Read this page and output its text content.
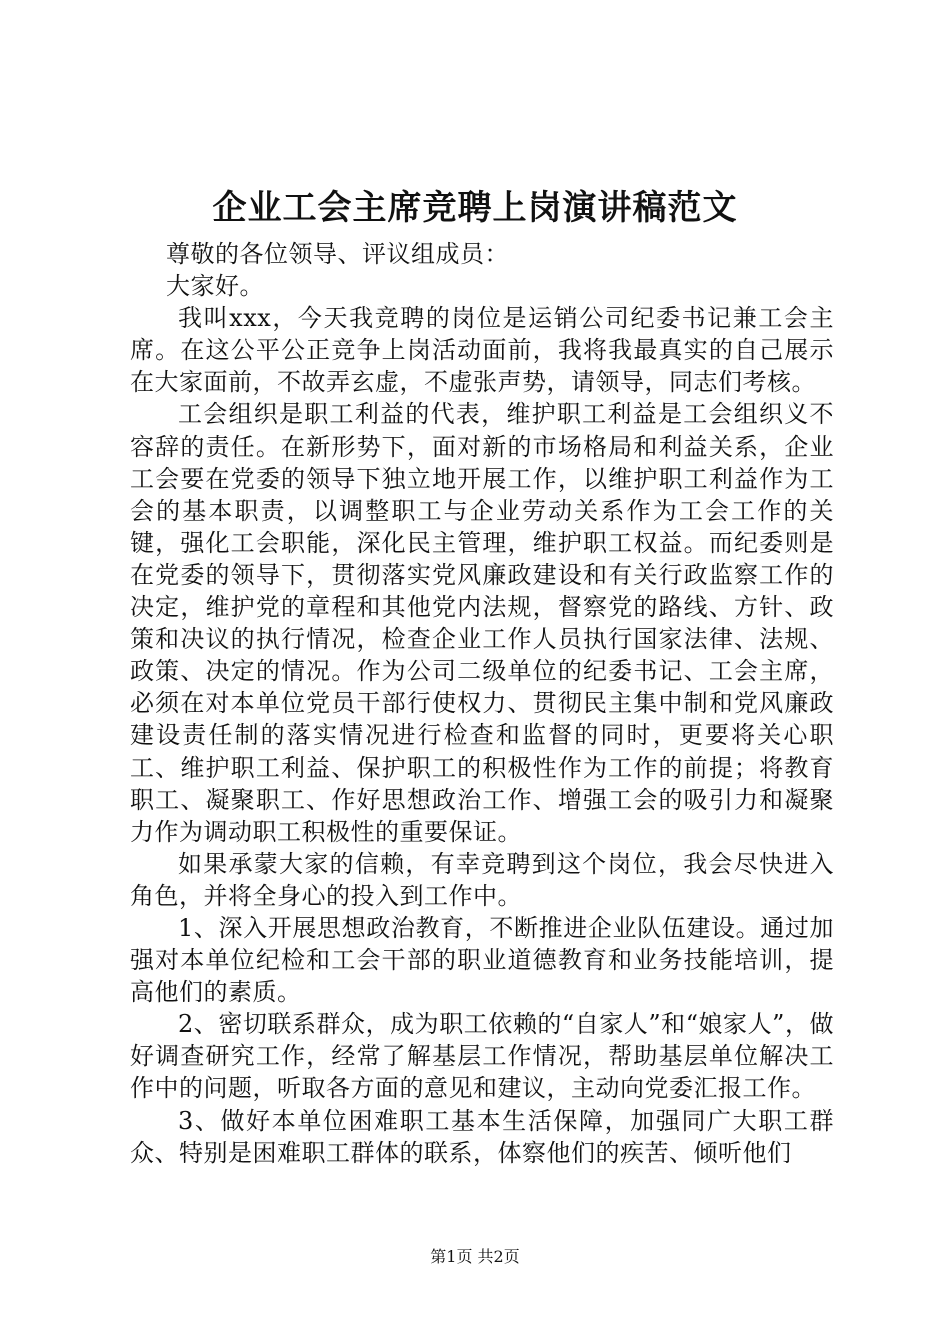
企业工会主席竞聘上岗演讲稿范文

尊敬的各位领导、评议组成员：

大家好。

我叫xxx，今天我竞聘的岗位是运销公司纪委书记兼工会主席。在这公平公正竞争上岗活动面前，我将我最真实的自己展示在大家面前，不故弄玄虚，不虚张声势，请领导，同志们考核。

工会组织是职工利益的代表，维护职工利益是工会组织义不容辞的责任。在新形势下，面对新的市场格局和利益关系，企业工会要在党委的领导下独立地开展工作，以维护职工利益作为工会的基本职责，以调整职工与企业劳动关系作为工会工作的关键，强化工会职能，深化民主管理，维护职工权益。而纪委则是在党委的领导下，贯彻落实党风廉政建设和有关行政监察工作的决定，维护党的章程和其他党内法规，督察党的路线、方针、政策和决议的执行情况，检查企业工作人员执行国家法律、法规、政策、决定的情况。作为公司二级单位的纪委书记、工会主席，必须在对本单位党员干部行使权力、贯彻民主集中制和党风廉政建设责任制的落实情况进行检查和监督的同时，更要将关心职工、维护职工利益、保护职工的积极性作为工作的前提；将教育职工、凝聚职工、作好思想政治工作、增强工会的吸引力和凝聚力作为调动职工积极性的重要保证。

如果承蒙大家的信赖，有幸竞聘到这个岗位，我会尽快进入角色，并将全身心的投入到工作中。

1、深入开展思想政治教育，不断推进企业队伍建设。通过加强对本单位纪检和工会干部的职业道德教育和业务技能培训，提高他们的素质。

2、密切联系群众，成为职工依赖的“自家人”和“娘家人”，做好调查研究工作，经常了解基层工作情况，帮助基层单位解决工作中的问题，听取各方面的意见和建议，主动向党委汇报工作。

3、做好本单位困难职工基本生活保障，加强同广大职工群众、特别是困难职工群体的联系，体察他们的疾苦、倾听他们

第1页 共2页
